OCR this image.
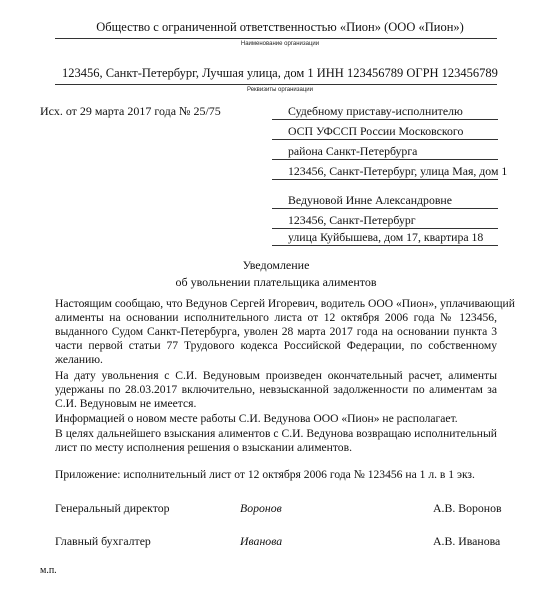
Общество с ограниченной ответственностью «Пион» (ООО «Пион»)
Наименование организации
123456, Санкт-Петербург, Лучшая улица, дом 1 ИНН 123456789 ОГРН 123456789
Реквизиты организации
Исх. от 29 марта 2017 года № 25/75	Судебному приставу-исполнителю
ОСП УФССП России Московского
района Санкт-Петербурга
123456, Санкт-Петербург, улица Мая, дом 1
Ведуновой Инне Александровне
123456, Санкт-Петербург
улица Куйбышева, дом 17, квартира 18
Уведомление
об увольнении плательщика алиментов
Настоящим сообщаю, что Ведунов Сергей Игоревич, водитель ООО «Пион», уплачивающий
алименты на основании исполнительного листа от 12 октября 2006 года № 123456,
выданного Судом Санкт-Петербурга, уволен 28 марта 2017 года на основании пункта 3
части первой статьи 77 Трудового кодекса Российской Федерации, по собственному
желанию.
На дату увольнения с С.И. Ведуновым произведен окончательный расчет, алименты
удержаны по 28.03.2017 включительно, невзысканной задолженности по алиментам за
С.И. Ведуновым не имеется.
Информацией о новом месте работы С.И. Ведунова ООО «Пион» не располагает.
В целях дальнейшего взыскания алиментов с С.И. Ведунова возвращаю исполнительный
лист по месту исполнения решения о взыскании алиментов.
Приложение: исполнительный лист от 12 октября 2006 года № 123456 на 1 л. в 1 экз.
Генеральный директор	Воронов	А.В. Воронов
Главный бухгалтер	Иванова	А.В. Иванова
м.п.
